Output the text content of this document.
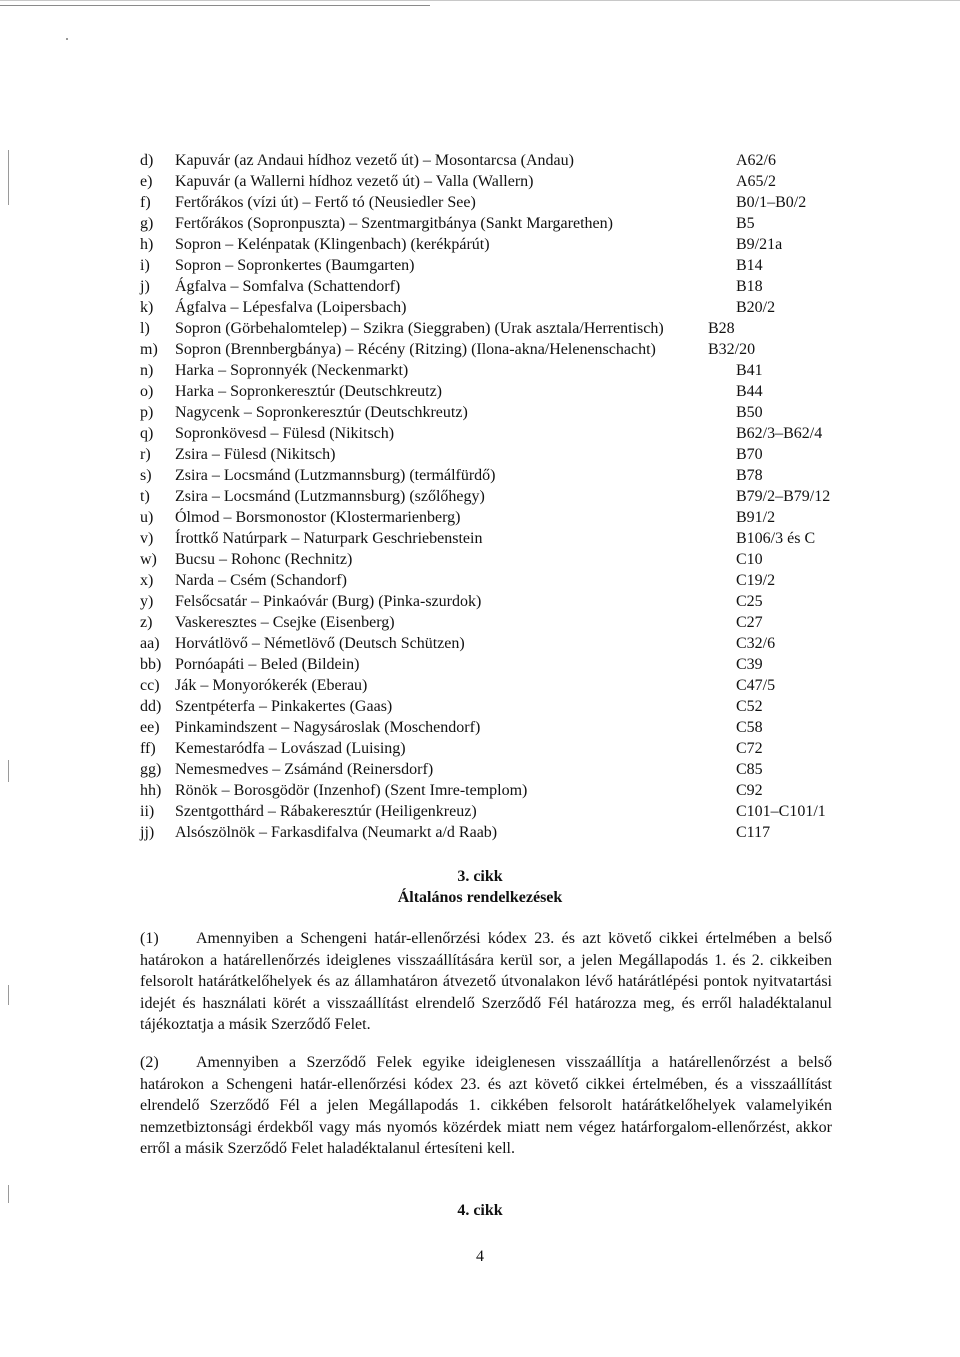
d) Kapuvár (az Andaui hídhoz vezető út) – Mosontarcsa (Andau)	A62/6
e) Kapuvár (a Wallerni hídhoz vezető út) – Valla (Wallern)	A65/2
f) Fertőrákos (vízi út) – Fertő tó (Neusiedler See)	B0/1–B0/2
g) Fertőrákos (Sopronpuszta) – Szentmargitbánya (Sankt Margarethen)	B5
h) Sopron – Kelénpatak (Klingenbach) (kerékpárút)	B9/21a
i) Sopron – Sopronkertes (Baumgarten)	B14
j) Ágfalva – Somfalva (Schattendorf)	B18
k) Ágfalva – Lépesfalva (Loipersbach)	B20/2
l) Sopron (Görbehalomtelep) – Szikra (Sieggraben) (Urak asztala/Herrentisch)	B28
m) Sopron (Brennbergbánya) – Récény (Ritzing) (Ilona-akna/Helenenschacht)	B32/20
n) Harka – Sopronnyék (Neckenmarkt)	B41
o) Harka – Sopronkeresztúr (Deutschkreutz)	B44
p) Nagycenk – Sopronkeresztúr (Deutschkreutz)	B50
q) Sopronkövesd – Fülesd (Nikitsch)	B62/3–B62/4
r) Zsira – Fülesd (Nikitsch)	B70
s) Zsira – Locsmánd (Lutzmannsburg) (termálfürdő)	B78
t) Zsira – Locsmánd (Lutzmannsburg) (szőlőhegy)	B79/2–B79/12
u) Ólmod – Borsmonostor (Klostermarienberg)	B91/2
v) Írottkő Natúrpark – Naturpark Geschriebenstein	B106/3 és C
w) Bucsu – Rohonc (Rechnitz)	C10
x) Narda – Csém (Schandorf)	C19/2
y) Felsőcsatár – Pinkaóvár (Burg) (Pinka-szurdok)	C25
z) Vaskeresztes – Csejke (Eisenberg)	C27
aa) Horvátlövő – Németlövő (Deutsch Schützen)	C32/6
bb) Pornóapáti – Beled (Bildein)	C39
cc) Ják – Monyorókerék (Eberau)	C47/5
dd) Szentpéterfa – Pinkakertes (Gaas)	C52
ee) Pinkamindszent – Nagysároslak (Moschendorf)	C58
ff) Kemestaródfa – Lovászad (Luising)	C72
gg) Nemesmedves – Zsámánd (Reinersdorf)	C85
hh) Rönök – Borosgödör (Inzenhof) (Szent Imre-templom)	C92
ii) Szentgotthárd – Rábakeresztúr (Heiligenkreuz)	C101–C101/1
jj) Alsószölnök – Farkasdifalva (Neumarkt a/d Raab)	C117
3. cikk
Általános rendelkezések
(1) Amennyiben a Schengeni határ-ellenőrzési kódex 23. és azt követő cikkei értelmében a belső határokon a határellenőrzés ideiglenes visszaállítására kerül sor, a jelen Megállapodás 1. és 2. cikkeiben felsorolt határátkelőhelyek és az államhatáron átvezető útvonalakon lévő határátlépési pontok nyitvatartási idejét és használati körét a visszaállítást elrendelő Szerződő Fél határozza meg, és erről haladéktalanul tájékoztatja a másik Szerződő Felet.
(2) Amennyiben a Szerződő Felek egyike ideiglenesen visszaállítja a határellenőrzést a belső határokon a Schengeni határ-ellenőrzési kódex 23. és azt követő cikkei értelmében, és a visszaállítást elrendelő Szerződő Fél a jelen Megállapodás 1. cikkében felsorolt határátkelőhelyek valamelyikén nemzetbiztonsági érdekből vagy más nyomós közérdek miatt nem végez határforgalom-ellenőrzést, akkor erről a másik Szerződő Felet haladéktalanul értesíteni kell.
4. cikk
4
